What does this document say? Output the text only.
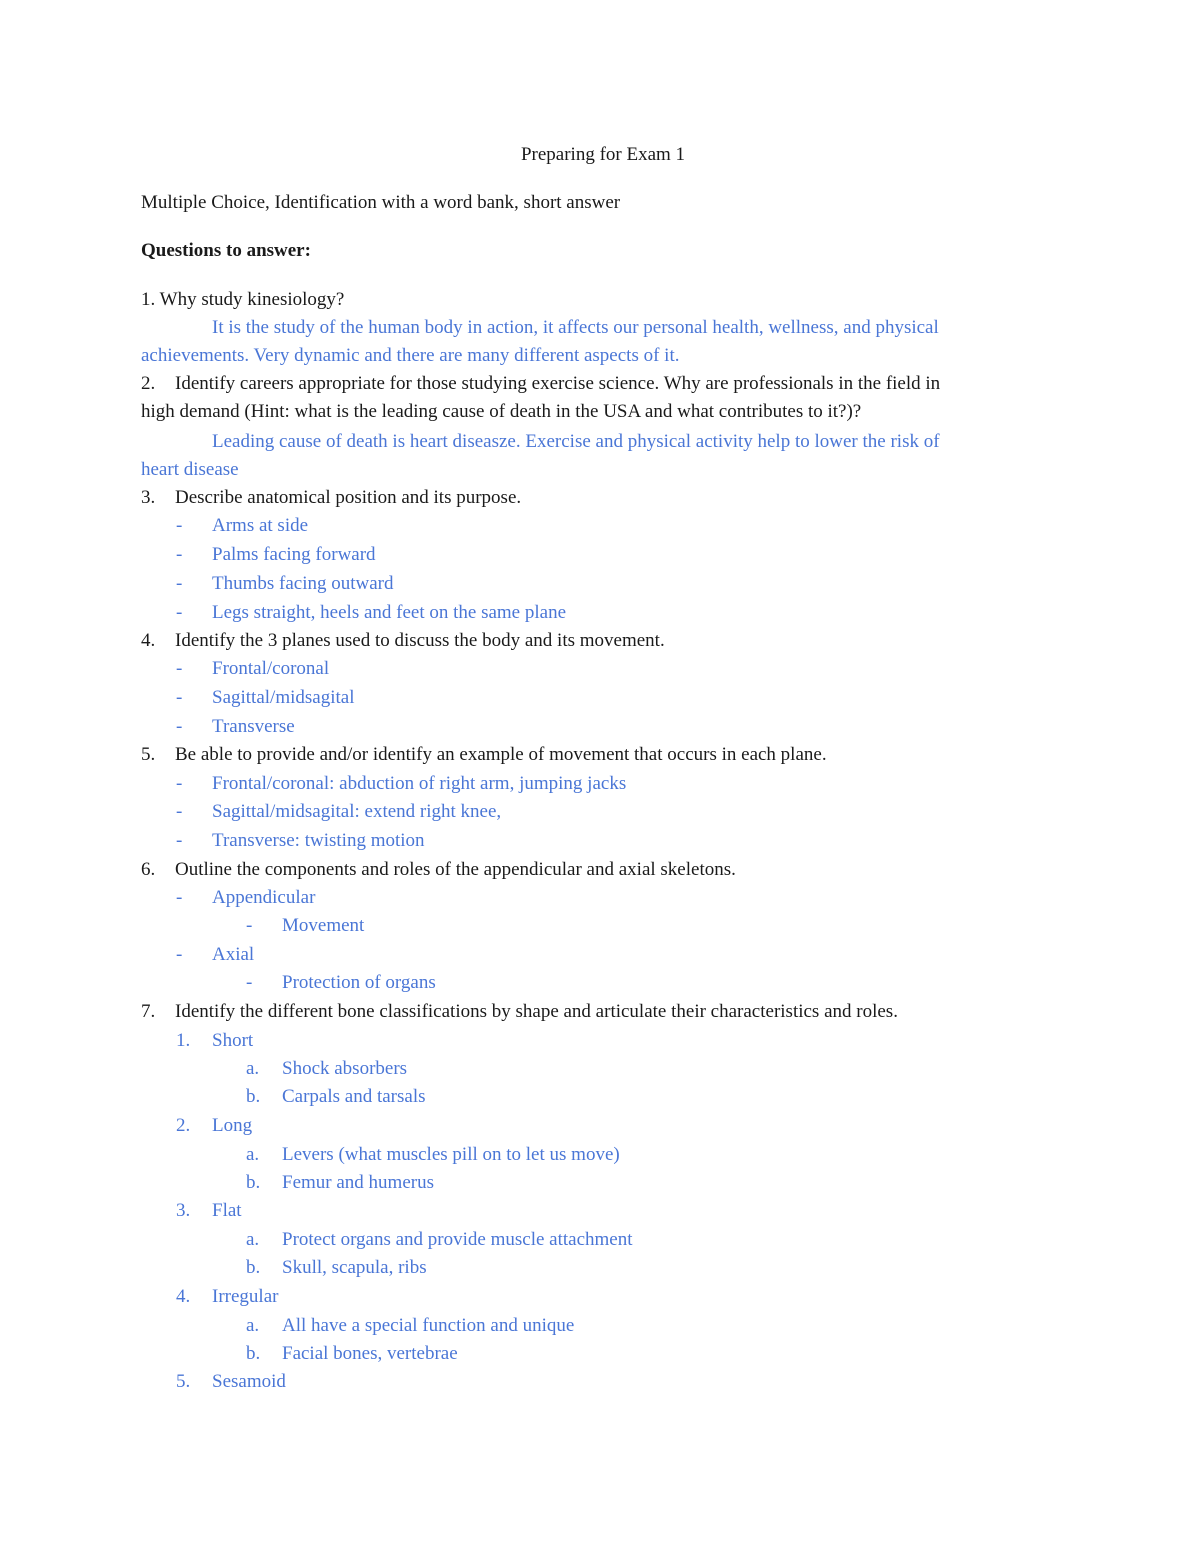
Preparing for Exam 1
Multiple Choice, Identification with a word bank, short answer
Questions to answer:
1. Why study kinesiology?
It is the study of the human body in action, it affects our personal health, wellness, and physical
achievements. Very dynamic and there are many different aspects of it.
2. Identify careers appropriate for those studying exercise science. Why are professionals in the field in
high demand (Hint: what is the leading cause of death in the USA and what contributes to it?)?
Leading cause of death is heart diseasze. Exercise and physical activity help to lower the risk of
heart disease
3. Describe anatomical position and its purpose.
- Arms at side
- Palms facing forward
- Thumbs facing outward
- Legs straight, heels and feet on the same plane
4. Identify the 3 planes used to discuss the body and its movement.
- Frontal/coronal
- Sagittal/midsagital
- Transverse
5. Be able to provide and/or identify an example of movement that occurs in each plane.
- Frontal/coronal: abduction of right arm, jumping jacks
- Sagittal/midsagital: extend right knee,
- Transverse: twisting motion
6. Outline the components and roles of the appendicular and axial skeletons.
- Appendicular
- Movement
- Axial
- Protection of organs
7. Identify the different bone classifications by shape and articulate their characteristics and roles.
1. Short
a. Shock absorbers
b. Carpals and tarsals
2. Long
a. Levers (what muscles pill on to let us move)
b. Femur and humerus
3. Flat
a. Protect organs and provide muscle attachment
b. Skull, scapula, ribs
4. Irregular
a. All have a special function and unique
b. Facial bones, vertebrae
5. Sesamoid
